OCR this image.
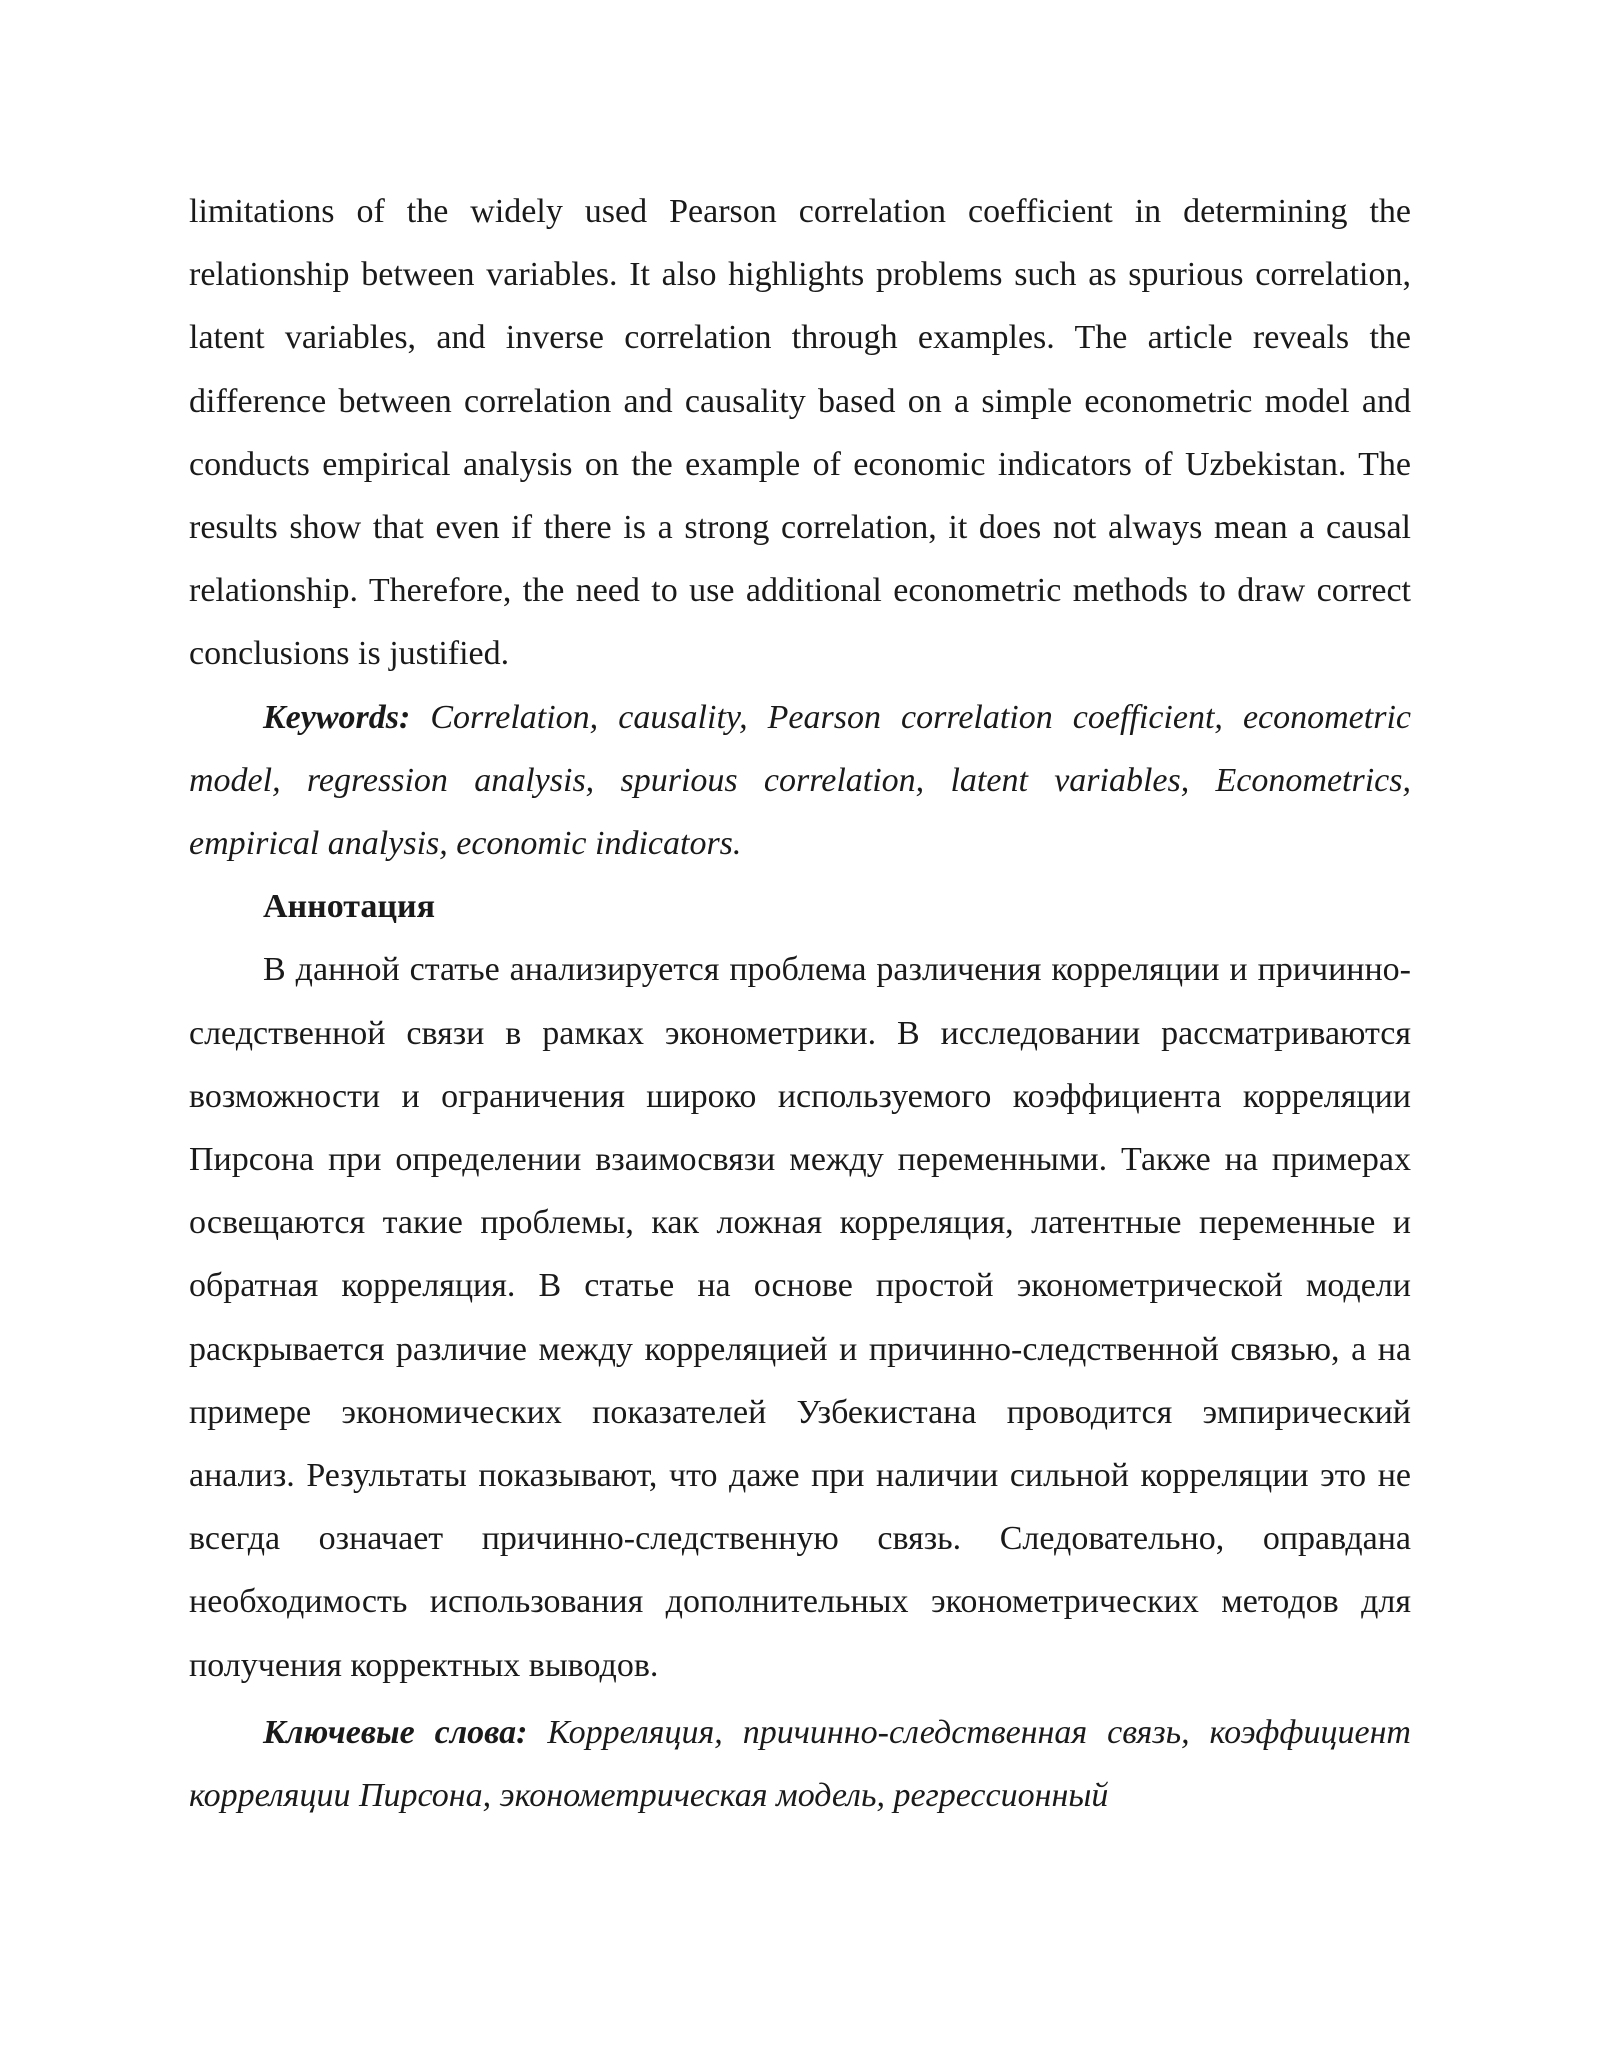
limitations of the widely used Pearson correlation coefficient in determining the relationship between variables. It also highlights problems such as spurious correlation, latent variables, and inverse correlation through examples. The article reveals the difference between correlation and causality based on a simple econometric model and conducts empirical analysis on the example of economic indicators of Uzbekistan. The results show that even if there is a strong correlation, it does not always mean a causal relationship. Therefore, the need to use additional econometric methods to draw correct conclusions is justified.

Keywords: Correlation, causality, Pearson correlation coefficient, econometric model, regression analysis, spurious correlation, latent variables, Econometrics, empirical analysis, economic indicators.

Аннотация

В данной статье анализируется проблема различения корреляции и причинно-следственной связи в рамках эконометрики. В исследовании рассматриваются возможности и ограничения широко используемого коэффициента корреляции Пирсона при определении взаимосвязи между переменными. Также на примерах освещаются такие проблемы, как ложная корреляция, латентные переменные и обратная корреляция. В статье на основе простой эконометрической модели раскрывается различие между корреляцией и причинно-следственной связью, а на примере экономических показателей Узбекистана проводится эмпирический анализ. Результаты показывают, что даже при наличии сильной корреляции это не всегда означает причинно-следственную связь. Следовательно, оправдана необходимость использования дополнительных эконометрических методов для получения корректных выводов.

Ключевые слова: Корреляция, причинно-следственная связь, коэффициент корреляции Пирсона, эконометрическая модель, регрессионный
